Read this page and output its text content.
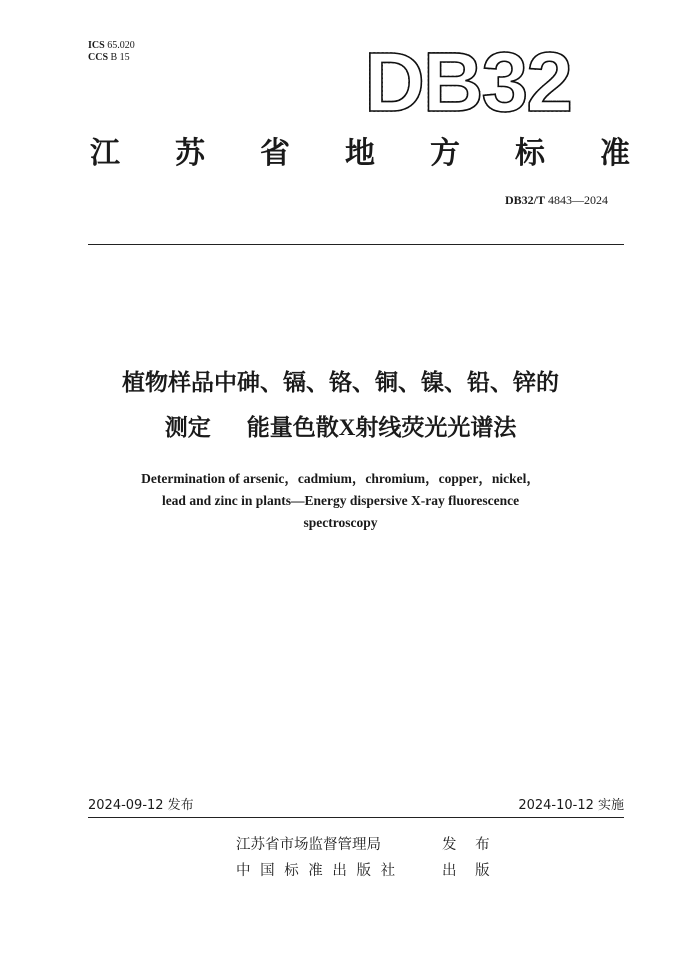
ICS 65.020
CCS B 15	DB32
江 苏 省 地 方 标 准
DB32/T 4843—2024
植物样品中砷、镉、铬、铜、镍、铅、锌的
测定 能量色散X射线荧光光谱法
Determination of arsenic，cadmium，chromium，copper，nickel，
lead and zinc in plants—Energy dispersive X-ray fluorescence
spectroscopy
2024-09-12 发布	2024-10-12 实施
江苏省市场监督管理局	发 布
中国标准出版社	出 版
